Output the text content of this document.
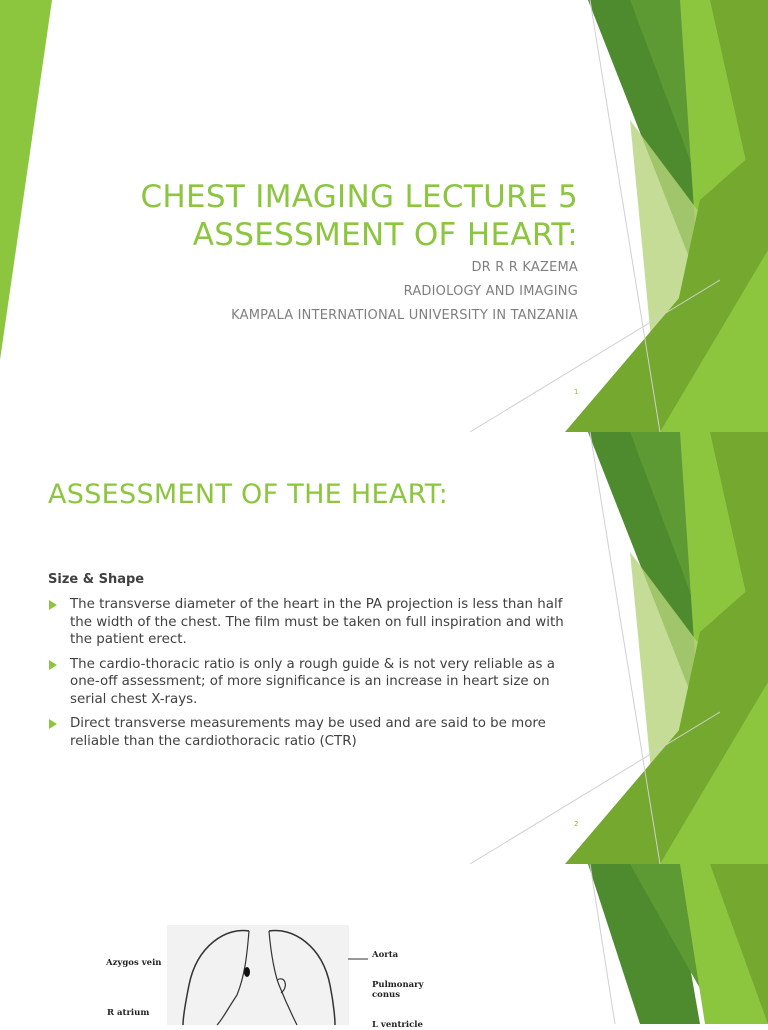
CHEST IMAGING LECTURE 5
ASSESSMENT OF HEART:
DR R R KAZEMA
RADIOLOGY AND IMAGING
KAMPALA INTERNATIONAL UNIVERSITY IN TANZANIA
1
ASSESSMENT OF THE HEART:
Size & Shape
The transverse diameter of the heart in the PA projection is less than half the width of the chest. The film must be taken on full inspiration and with the patient erect.
The cardio-thoracic ratio is only a rough guide & is not very reliable as a one-off assessment; of more significance is an increase in heart size on serial chest X-rays.
Direct transverse measurements may be used and are said to be more reliable than the cardiothoracic ratio (CTR)
2
Azygos vein
R atrium
Aorta
Pulmonary
conus
L ventricle
